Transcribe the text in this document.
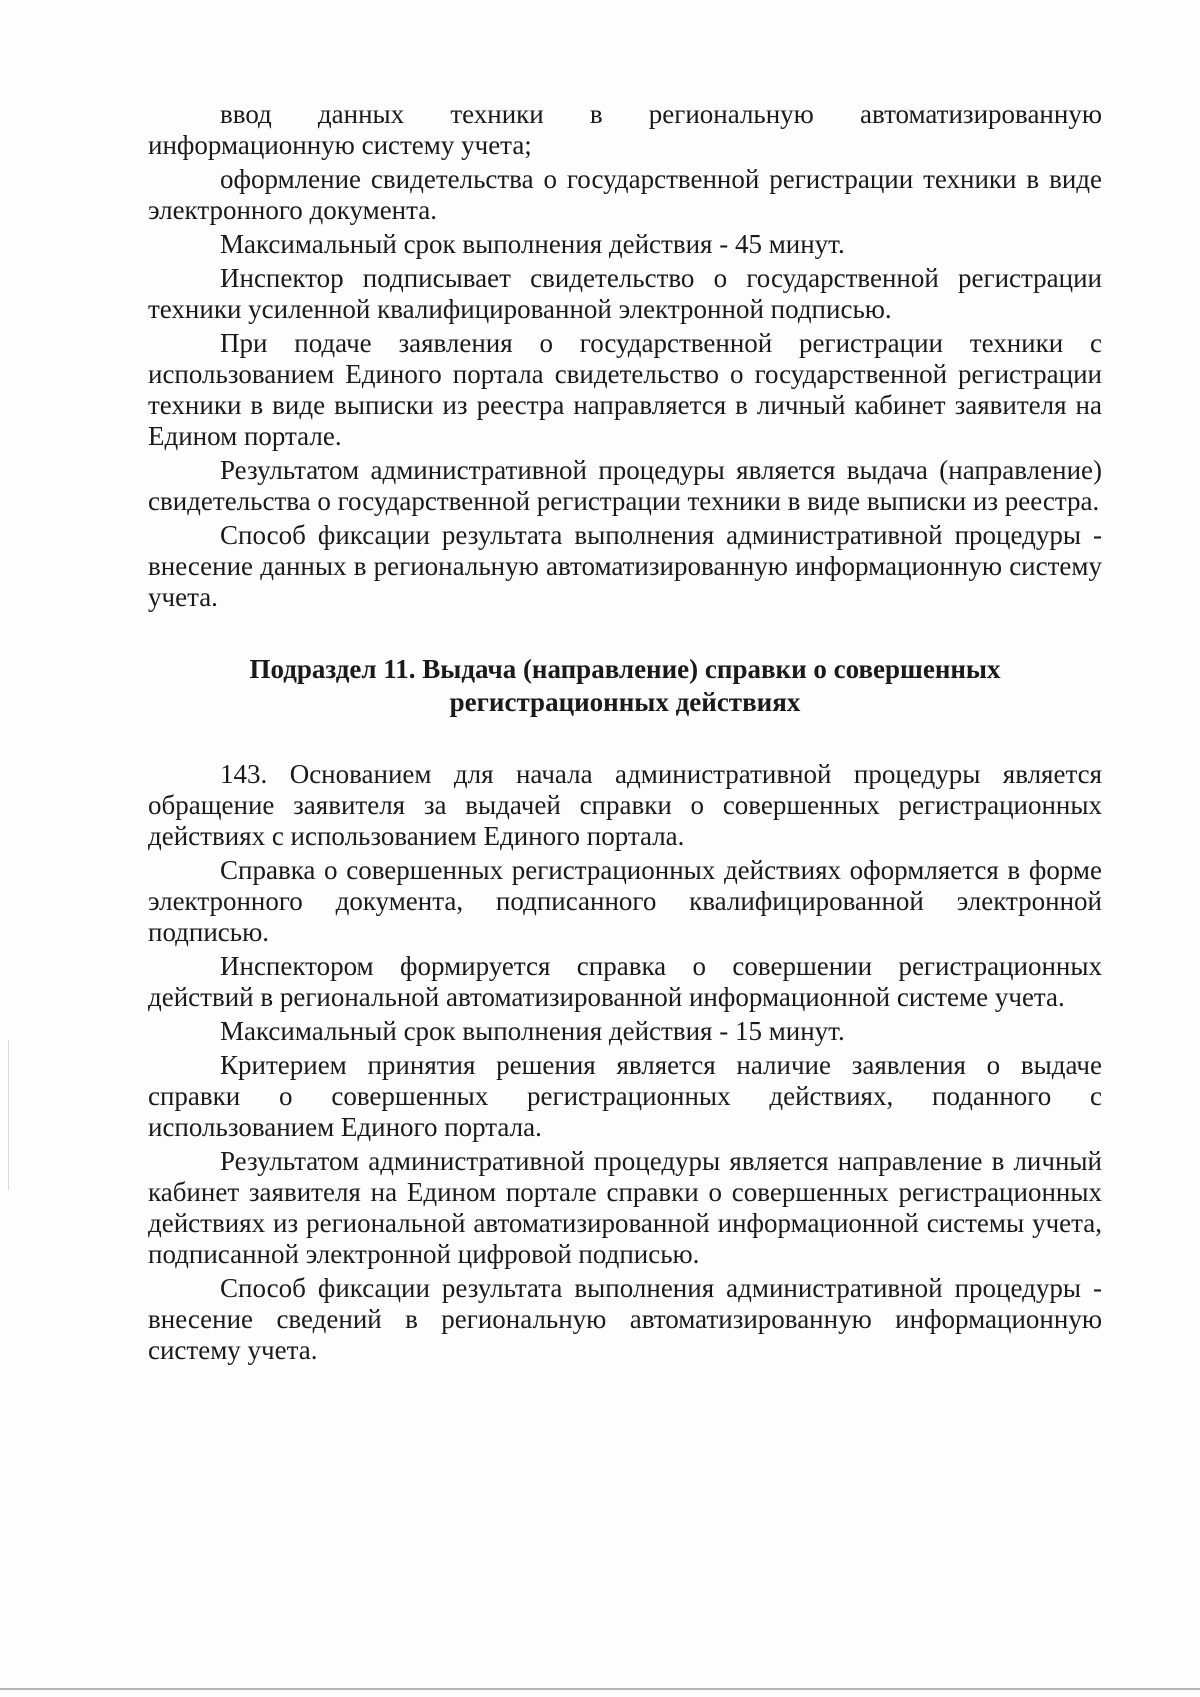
ввод данных техники в региональную автоматизированную информационную систему учета;

оформление свидетельства о государственной регистрации техники в виде электронного документа.

Максимальный срок выполнения действия - 45 минут.

Инспектор подписывает свидетельство о государственной регистрации техники усиленной квалифицированной электронной подписью.

При подаче заявления о государственной регистрации техники с использованием Единого портала свидетельство о государственной регистрации техники в виде выписки из реестра направляется в личный кабинет заявителя на Едином портале.

Результатом административной процедуры является выдача (направление) свидетельства о государственной регистрации техники в виде выписки из реестра.

Способ фиксации результата выполнения административной процедуры - внесение данных в региональную автоматизированную информационную систему учета.

Подраздел 11. Выдача (направление) справки о совершенных
регистрационных действиях

143. Основанием для начала административной процедуры является обращение заявителя за выдачей справки о совершенных регистрационных действиях с использованием Единого портала.

Справка о совершенных регистрационных действиях оформляется в форме электронного документа, подписанного квалифицированной электронной подписью.

Инспектором формируется справка о совершении регистрационных действий в региональной автоматизированной информационной системе учета.

Максимальный срок выполнения действия - 15 минут.

Критерием принятия решения является наличие заявления о выдаче справки о совершенных регистрационных действиях, поданного с использованием Единого портала.

Результатом административной процедуры является направление в личный кабинет заявителя на Едином портале справки о совершенных регистрационных действиях из региональной автоматизированной информационной системы учета, подписанной электронной цифровой подписью.

Способ фиксации результата выполнения административной процедуры - внесение сведений в региональную автоматизированную информационную систему учета.
